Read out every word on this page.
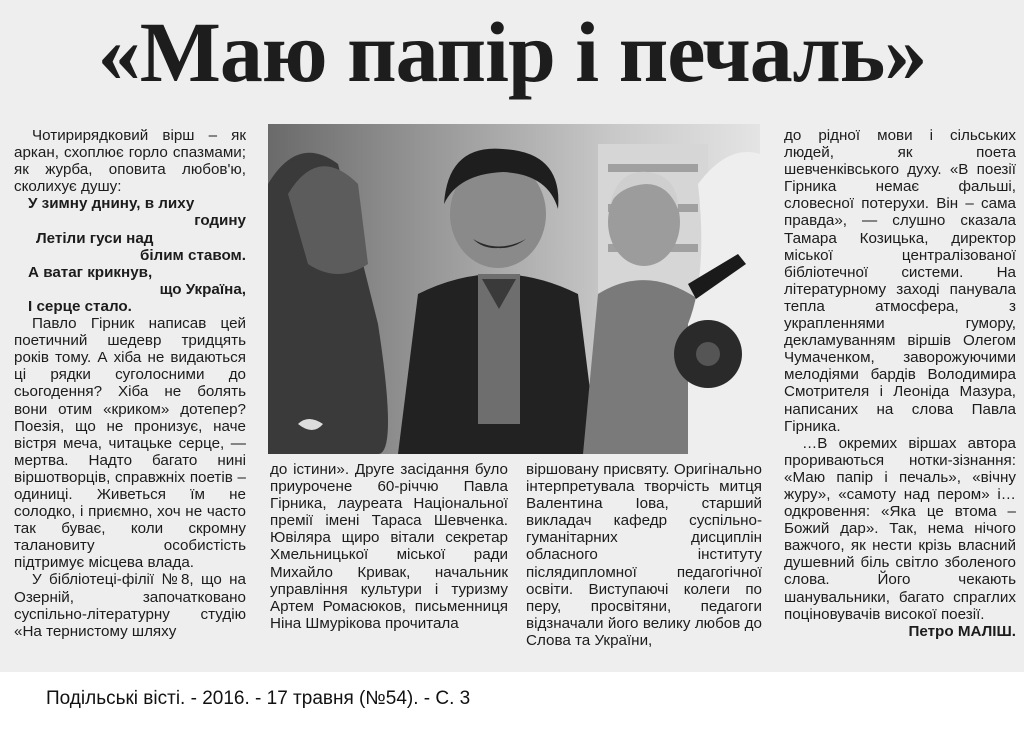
«Маю папір і печаль»

Чотирирядковий вірш – як аркан, схоплює горло спазмами; як журба, оповита любов'ю, сколихує душу:

У зимну днину, в лиху
годину
Летіли гуси над
білим ставом.
А ватаг крикнув,
що Україна,
І серце стало.

Павло Гірник написав цей поетичний шедевр тридцять років тому. А хіба не видаються ці рядки суголосними до сьогодення? Хіба не болять вони отим «криком» дотепер? Поезія, що не пронизує, наче вістря меча, читацьке серце, — мертва. Надто багато нині віршотворців, справжніх поетів – одиниці. Живеться їм не солодко, і приємно, хоч не часто так буває, коли скромну талановиту особистість підтримує місцева влада.

У бібліотеці-філії №8, що на Озерній, започатковано суспільно-літературну студію «На тернистому шляху

до істини». Друге засідання було приурочене 60-річчю Павла Гірника, лауреата Національної премії імені Тараса Шевченка. Ювіляра щиро вітали секретар Хмельницької міської ради Михайло Кривак, начальник управління культури і туризму Артем Ромасюков, письменниця Ніна Шмурікова прочитала

віршовану присвяту. Оригінально інтерпретувала творчість митця Валентина Іова, старший викладач кафедр суспільно-гуманітарних дисциплін обласного інституту післядипломної педагогічної освіти. Виступаючі колеги по перу, просвітяни, педагоги відзначали його велику любов до Слова та України,

до рідної мови і сільських людей, як поета шевченківського духу. «В поезії Гірника немає фальші, словесної потерухи. Він – сама правда», — слушно сказала Тамара Козицька, директор міської централізованої бібліотечної системи. На літературному заході панувала тепла атмосфера, з украпленнями гумору, декламуванням віршів Олегом Чумаченком, заворожуючими мелодіями бардів Володимира Смотрителя і Леоніда Мазура, написаних на слова Павла Гірника.

…В окремих віршах автора прориваються нотки-зізнання: «Маю папір і печаль», «вічну журу», «самоту над пером» і… одкровення: «Яка це втома – Божий дар». Так, нема нічого важчого, як нести крізь власний душевний біль світло зболеного слова. Його чекають шанувальники, багато спраглих поціновувачів високої поезії.

Петро МАЛІШ.

Подільські вісті. - 2016. - 17 травня (№54). - С. 3
